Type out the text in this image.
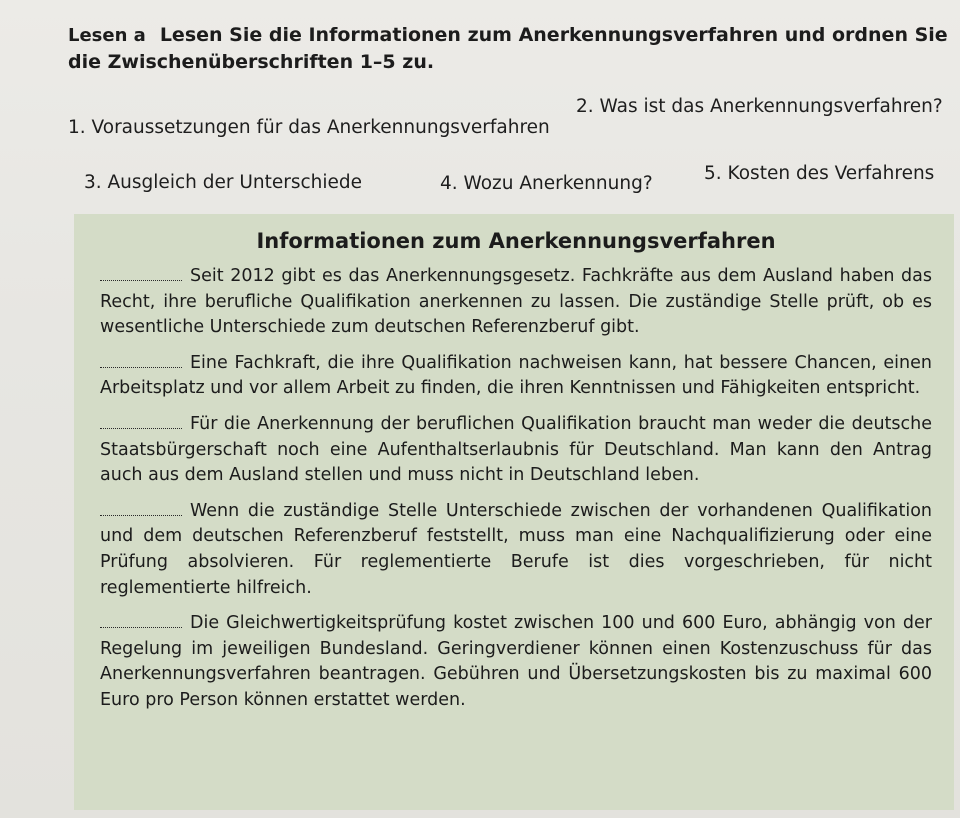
Lesen a Lesen Sie die Informationen zum Anerkennungsverfahren und ordnen Sie die Zwischenüberschriften 1–5 zu.
1. Voraussetzungen für das Anerkennungsverfahren
2. Was ist das Anerkennungsverfahren?
3. Ausgleich der Unterschiede	4. Wozu Anerkennung?	5. Kosten des Verfahrens
Informationen zum Anerkennungsverfahren

Seit 2012 gibt es das Anerkennungsgesetz. Fachkräfte aus dem Ausland haben das Recht, ihre berufliche Qualifikation anerkennen zu lassen. Die zuständige Stelle prüft, ob es wesentliche Unterschiede zum deutschen Referenzberuf gibt.

Eine Fachkraft, die ihre Qualifikation nachweisen kann, hat bessere Chancen, einen Arbeitsplatz und vor allem Arbeit zu finden, die ihren Kenntnissen und Fähigkeiten entspricht.

Für die Anerkennung der beruflichen Qualifikation braucht man weder die deutsche Staatsbürgerschaft noch eine Aufenthaltserlaubnis für Deutschland. Man kann den Antrag auch aus dem Ausland stellen und muss nicht in Deutschland leben.

Wenn die zuständige Stelle Unterschiede zwischen der vorhandenen Qualifikation und dem deutschen Referenzberuf feststellt, muss man eine Nachqualifizierung oder eine Prüfung absolvieren. Für reglementierte Berufe ist dies vorgeschrieben, für nicht reglementierte hilfreich.

Die Gleichwertigkeitsprüfung kostet zwischen 100 und 600 Euro, abhängig von der Regelung im jeweiligen Bundesland. Geringverdiener können einen Kostenzuschuss für das Anerkennungsverfahren beantragen. Gebühren und Übersetzungskosten bis zu maximal 600 Euro pro Person können erstattet werden.
